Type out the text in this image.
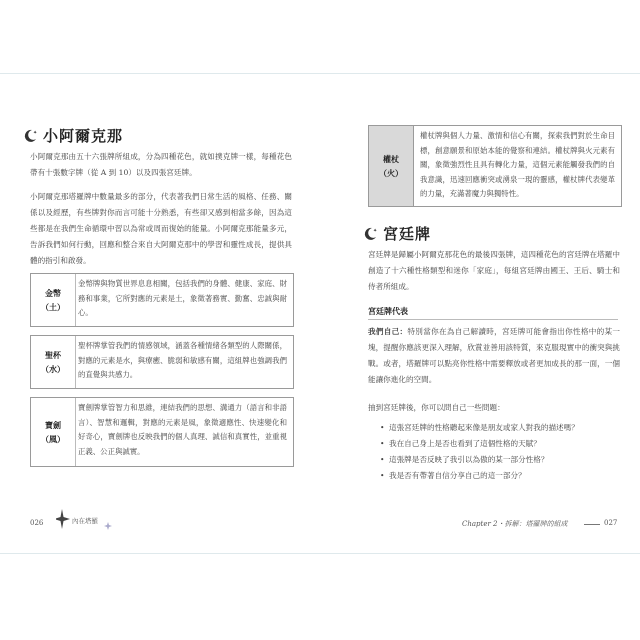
✦ 小阿爾克那
小阿爾克那由五十六張牌所組成，分為四種花色，就如撲克牌一樣，每種花色帶有十張數字牌（從 A 到 10）以及四張宮廷牌。
小阿爾克那塔羅牌中數量最多的部分，代表著我們日常生活的風格、任務、關係以及經歷，有些牌對你而言可能十分熟悉，有些卻又感到相當多餘，因為這些都是在我們生命循環中習以為常或周而復始的能量。小阿爾克那能量多元，告訴我們如何行動，回應和整合來自大阿爾克那中的學習和靈性成長，提供具體的指引和啟發。
金幣
（土）
金幣牌與物質世界息息相關，包括我們的身體、健康、家庭、財務和事業，它所對應的元素是土，象徵著務實、勤奮、忠誠與耐心。
聖杯
（水）
聖杯牌掌管我們的情感領域，涵蓋各種情緒各類型的人際關係，對應的元素是水，與療癒、脆弱和敏感有關，這組牌也強調我們的直覺與共感力。
寶劍
（風）
寶劍牌掌管智力和思維，連結我們的思想、溝通力（語言和非語言）、智慧和邏輯，對應的元素是風，象徵適應性、快速變化和好奇心，寶劍牌也反映我們的個人真理、誠信和真實性，並重視正義、公正與誠實。
026	內在塔羅
權杖
（火）
權杖牌與個人力量、激情和信心有關，探索我們對於生命目標，創意願景和原始本能的覺察和連結。權杖牌與火元素有關，象徵強烈性且具有轉化力量，這個元素能觸發我們的自我意識，迅速回應衝突或湧泉一現的靈感，權杖牌代表變革的力量，充滿著魔力與獨特性。
✦ 宮廷牌
宮廷牌是歸屬小阿爾克那花色的最後四張牌，這四種花色的宮廷牌在塔羅中創造了十六種性格類型和迷你「家庭」，每組宮廷牌由國王、王后、騎士和侍者所組成。
宮廷牌代表
我們自己：特別當你在為自己解讀時，宮廷牌可能會指出你性格中的某一塊，提醒你應該更深入理解，欣賞並善用該特質，來克服現實中的衝突與挑戰。或者，塔羅牌可以點亮你性格中需要釋放或者更加成長的那一面，一個能讓你進化的空間。
抽到宮廷牌後，你可以問自己一些問題：
• 這張宮廷牌的性格聽起來像是朋友或家人對我的描述嗎？
• 我在自己身上是否也看到了這個性格的天賦？
• 這張牌是否反映了我引以為傲的某一部分性格？
• 我是否有帶著自信分享自己的這一部分？
Chapter 2・拆解：塔羅牌的組成	027
